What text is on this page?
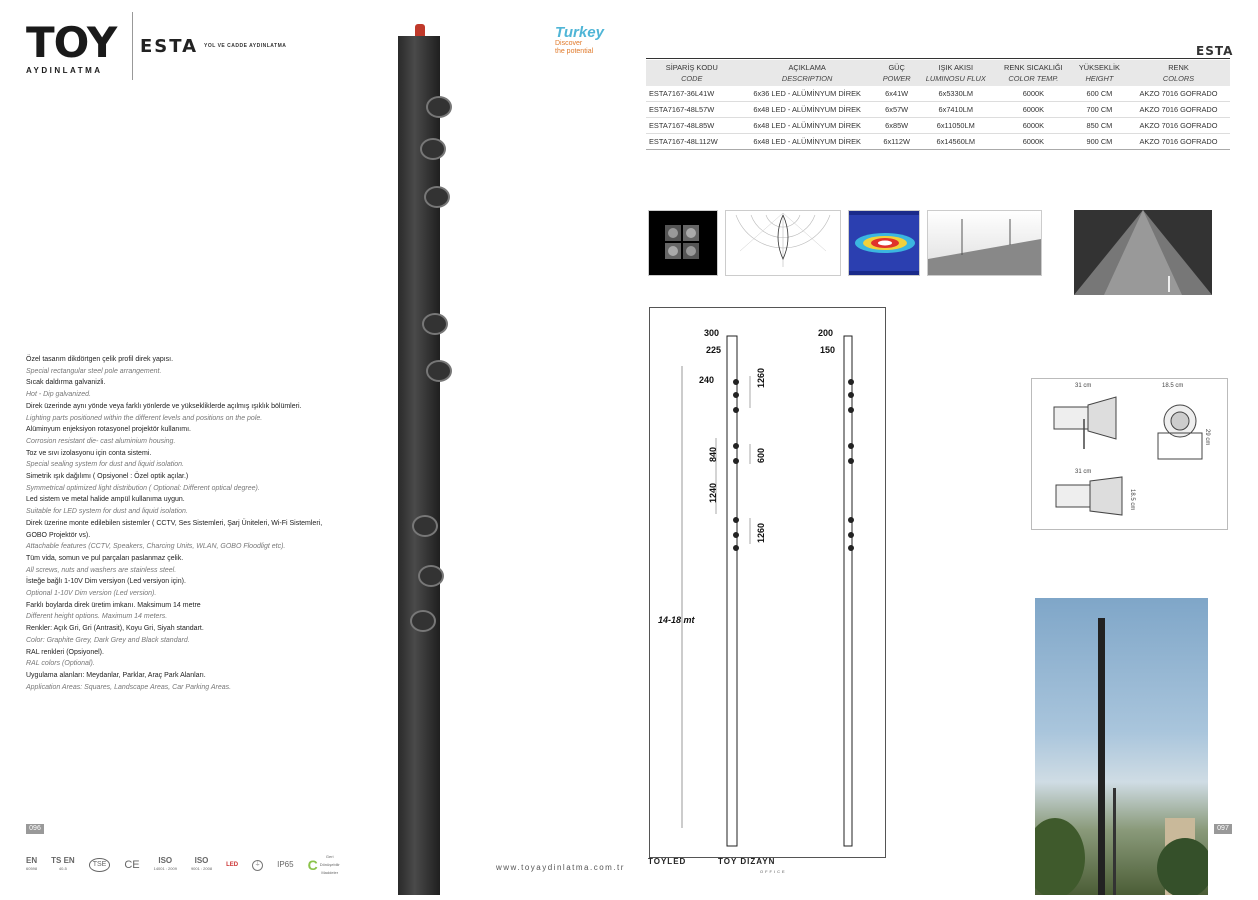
TOY
AYDINLATMA
ESTA YOL VE CADDE AYDINLATMA
Özel tasarım dikdörtgen çelik profil direk yapısı.
Special rectangular steel pole arrangement.
Sıcak daldırma galvanizli.
Hot - Dip galvanized.
Direk üzerinde aynı yönde veya farklı yönlerde ve yüksekliklerde açılmış ışıklık bölümleri.
Lighting parts positioned within the different levels and positions on the pole.
Alüminyum enjeksiyon rotasyonel projektör kullanımı.
Corrosion resistant die- cast aluminium housing.
Toz ve sıvı izolasyonu için conta sistemi.
Special sealing system for dust and liquid isolation.
Simetrik ışık dağılımı ( Opsiyonel : Özel optik açılar.)
Symmetrical optimized light distribution ( Optional: Different optical degree).
Led sistem ve metal halide ampül kullanıma uygun.
Suitable for LED system for dust and liquid isolation.
Direk üzerine monte edilebilen sistemler ( CCTV, Ses Sistemleri, Şarj Üniteleri, Wi-Fi Sistemleri, GOBO Projektör vs).
Attachable features (CCTV, Speakers, Charcing Units, WLAN, GOBO Floodligt etc).
Tüm vida, somun ve pul parçaları paslanmaz çelik.
All screws, nuts and washers are stainless steel.
İsteğe bağlı 1-10V Dim versiyon (Led versiyon için).
Optional 1-10V Dim version (Led version).
Farklı boylarda direk üretim imkanı. Maksimum 14 metre
Different height options. Maximum 14 meters.
Renkler: Açık Gri, Gri (Antrasit), Koyu Gri, Siyah standart.
Color: Graphite Grey, Dark Grey and Black standard.
RAL renkleri (Opsiyonel).
RAL colors (Optional).
Uygulama alanları: Meydanlar, Parklar, Araç Park Alanları.
Application Areas: Squares, Landscape Areas, Car Parking Areas.
096	097
EN
60598
TS EN
40-5
TSE	CE	ISO
14001 : 2009
ISO
9001 : 2008
LED	⏚	IP65 C
Geri
Dönüşebilir
Maddeler
www.toyaydinlatma.com.tr
Turkey
Discover
the potential	ESTA
SİPARİŞ KODU
CODE	AÇIKLAMA
DESCRIPTION	GÜÇ
POWER	IŞIK AKISI
LUMINOSU FLUX	RENK SICAKLIĞI
COLOR TEMP.	YÜKSEKLİK
HEIGHT	RENK
COLORS
ESTA7167-36L41W	6x36 LED - ALÜMİNYUM DİREK	6x41W	6x5330LM	6000K	600 CM	AKZO 7016 GOFRADO
ESTA7167-48L57W	6x48 LED - ALÜMİNYUM DİREK	6x57W	6x7410LM	6000K	700 CM	AKZO 7016 GOFRADO
ESTA7167-48L85W	6x48 LED - ALÜMİNYUM DİREK	6x85W	6x11050LM	6000K	850 CM	AKZO 7016 GOFRADO
ESTA7167-48L112W	6x48 LED - ALÜMİNYUM DİREK	6x112W	6x14560LM	6000K	900 CM	AKZO 7016 GOFRADO
300
225
240	1260
840	600
1240
1260
200
150
14-18 mt
31 cm	18.5 cm
29 cm
31 cm
18.5 cm
TOYLED	TOY DIZAYN
OFFICE
